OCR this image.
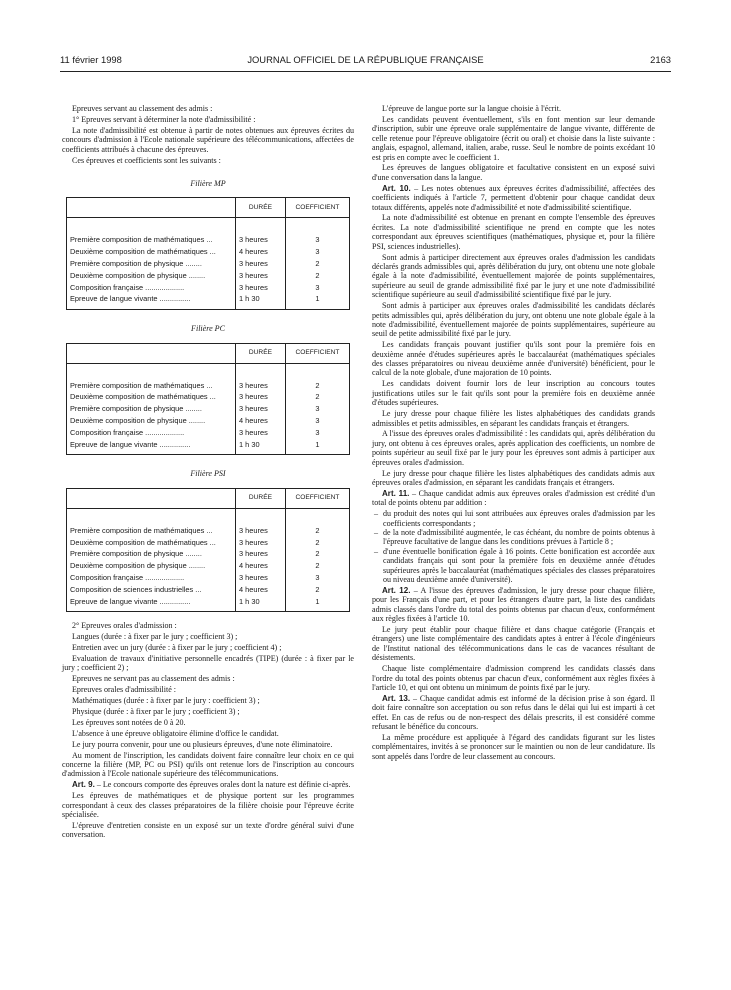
11 février 1998	JOURNAL OFFICIEL DE LA RÉPUBLIQUE FRANÇAISE	2163

Epreuves servant au classement des admis :

1° Epreuves servant à déterminer la note d'admissibilité :

La note d'admissibilité est obtenue à partir de notes obtenues aux épreuves écrites du concours d'admission à l'Ecole nationale supérieure des télécommunications, affectées de coefficients attribués à chacune des épreuves.

Ces épreuves et coefficients sont les suivants :

Filière MP

	DURÉE	COEFFICIENT

Première composition de mathématiques ...	3 heures	3
Deuxième composition de mathématiques ...	4 heures	3
Première composition de physique ........	3 heures	2
Deuxième composition de physique ........	3 heures	2
Composition française ...................	3 heures	3
Epreuve de langue vivante ...............	1 h 30	1

Filière PC

	DURÉE	COEFFICIENT

Première composition de mathématiques ...	3 heures	2
Deuxième composition de mathématiques ...	3 heures	2
Première composition de physique ........	3 heures	3
Deuxième composition de physique ........	4 heures	3
Composition française ...................	3 heures	3
Epreuve de langue vivante ...............	1 h 30	1

Filière PSI

	DURÉE	COEFFICIENT

Première composition de mathématiques ...	3 heures	2
Deuxième composition de mathématiques ...	3 heures	2
Première composition de physique ........	3 heures	2
Deuxième composition de physique ........	4 heures	2
Composition française ...................	3 heures	3
Composition de sciences industrielles ...	4 heures	2
Epreuve de langue vivante ...............	1 h 30	1

2° Epreuves orales d'admission :

Langues (durée : à fixer par le jury ; coefficient 3) ;

Entretien avec un jury (durée : à fixer par le jury ; coefficient 4) ;

Evaluation de travaux d'initiative personnelle encadrés (TIPE) (durée : à fixer par le jury ; coefficient 2) ;

Epreuves ne servant pas au classement des admis :

Epreuves orales d'admissibilité :

Mathématiques (durée : à fixer par le jury : coefficient 3) ;

Physique (durée : à fixer par le jury ; coefficient 3) ;

Les épreuves sont notées de 0 à 20.

L'absence à une épreuve obligatoire élimine d'office le candidat.

Le jury pourra convenir, pour une ou plusieurs épreuves, d'une note éliminatoire.

Au moment de l'inscription, les candidats doivent faire connaître leur choix en ce qui concerne la filière (MP, PC ou PSI) qu'ils ont retenue lors de l'inscription au concours d'admission à l'Ecole nationale supérieure des télécommunications.

Art. 9. – Le concours comporte des épreuves orales dont la nature est définie ci-après.

Les épreuves de mathématiques et de physique portent sur les programmes correspondant à ceux des classes préparatoires de la filière choisie pour l'épreuve écrite spécialisée.

L'épreuve d'entretien consiste en un exposé sur un texte d'ordre général suivi d'une conversation.

L'épreuve de langue porte sur la langue choisie à l'écrit.

Les candidats peuvent éventuellement, s'ils en font mention sur leur demande d'inscription, subir une épreuve orale supplémentaire de langue vivante, différente de celle retenue pour l'épreuve obligatoire (écrit ou oral) et choisie dans la liste suivante : anglais, espagnol, allemand, italien, arabe, russe. Seul le nombre de points excédant 10 est pris en compte avec le coefficient 1.

Les épreuves de langues obligatoire et facultative consistent en un exposé suivi d'une conversation dans la langue.

Art. 10. – Les notes obtenues aux épreuves écrites d'admissibilité, affectées des coefficients indiqués à l'article 7, permettent d'obtenir pour chaque candidat deux totaux différents, appelés note d'admissibilité et note d'admissibilité scientifique.

La note d'admissibilité est obtenue en prenant en compte l'ensemble des épreuves écrites. La note d'admissibilité scientifique ne prend en compte que les notes correspondant aux épreuves scientifiques (mathématiques, physique et, pour la filière PSI, sciences industrielles).

Sont admis à participer directement aux épreuves orales d'admission les candidats déclarés grands admissibles qui, après délibération du jury, ont obtenu une note globale égale à la note d'admissibilité, éventuellement majorée de points supplémentaires, supérieure au seuil de grande admissibilité fixé par le jury et une note d'admissibilité scientifique supérieure au seuil d'admissibilité scientifique fixé par le jury.

Sont admis à participer aux épreuves orales d'admissibilité les candidats déclarés petits admissibles qui, après délibération du jury, ont obtenu une note globale égale à la note d'admissibilité, éventuellement majorée de points supplémentaires, supérieure au seuil de petite admissibilité fixé par le jury.

Les candidats français pouvant justifier qu'ils sont pour la première fois en deuxième année d'études supérieures après le baccalauréat (mathématiques spéciales des classes préparatoires ou niveau deuxième année d'université) bénéficient, pour le calcul de la note globale, d'une majoration de 10 points.

Les candidats doivent fournir lors de leur inscription au concours toutes justifications utiles sur le fait qu'ils sont pour la première fois en deuxième année d'études supérieures.

Le jury dresse pour chaque filière les listes alphabétiques des candidats grands admissibles et petits admissibles, en séparant les candidats français et étrangers.

A l'issue des épreuves orales d'admissibilité : les candidats qui, après délibération du jury, ont obtenu à ces épreuves orales, après application des coefficients, un nombre de points supérieur au seuil fixé par le jury pour les épreuves sont admis à participer aux épreuves orales d'admission.

Le jury dresse pour chaque filière les listes alphabétiques des candidats admis aux épreuves orales d'admission, en séparant les candidats français et étrangers.

Art. 11. – Chaque candidat admis aux épreuves orales d'admission est crédité d'un total de points obtenu par addition :

– du produit des notes qui lui sont attribuées aux épreuves orales d'admission par les coefficients correspondants ;
– de la note d'admissibilité augmentée, le cas échéant, du nombre de points obtenus à l'épreuve facultative de langue dans les conditions prévues à l'article 8 ;
– d'une éventuelle bonification égale à 16 points. Cette bonification est accordée aux candidats français qui sont pour la première fois en deuxième année d'études supérieures après le baccalauréat (mathématiques spéciales des classes préparatoires ou niveau deuxième année d'université).

Art. 12. – A l'issue des épreuves d'admission, le jury dresse pour chaque filière, pour les Français d'une part, et pour les étrangers d'autre part, la liste des candidats admis classés dans l'ordre du total des points obtenus par chacun d'eux, conformément aux règles fixées à l'article 10.

Le jury peut établir pour chaque filière et dans chaque catégorie (Français et étrangers) une liste complémentaire des candidats aptes à entrer à l'école d'ingénieurs de l'Institut national des télécommunications dans le cas de vacances résultant de désistements.

Chaque liste complémentaire d'admission comprend les candidats classés dans l'ordre du total des points obtenus par chacun d'eux, conformément aux règles fixées à l'article 10, et qui ont obtenu un minimum de points fixé par le jury.

Art. 13. – Chaque candidat admis est informé de la décision prise à son égard. Il doit faire connaître son acceptation ou son refus dans le délai qui lui est imparti à cet effet. En cas de refus ou de non-respect des délais prescrits, il est considéré comme refusant le bénéfice du concours.

La même procédure est appliquée à l'égard des candidats figurant sur les listes complémentaires, invités à se prononcer sur le maintien ou non de leur candidature. Ils sont appelés dans l'ordre de leur classement au concours.
